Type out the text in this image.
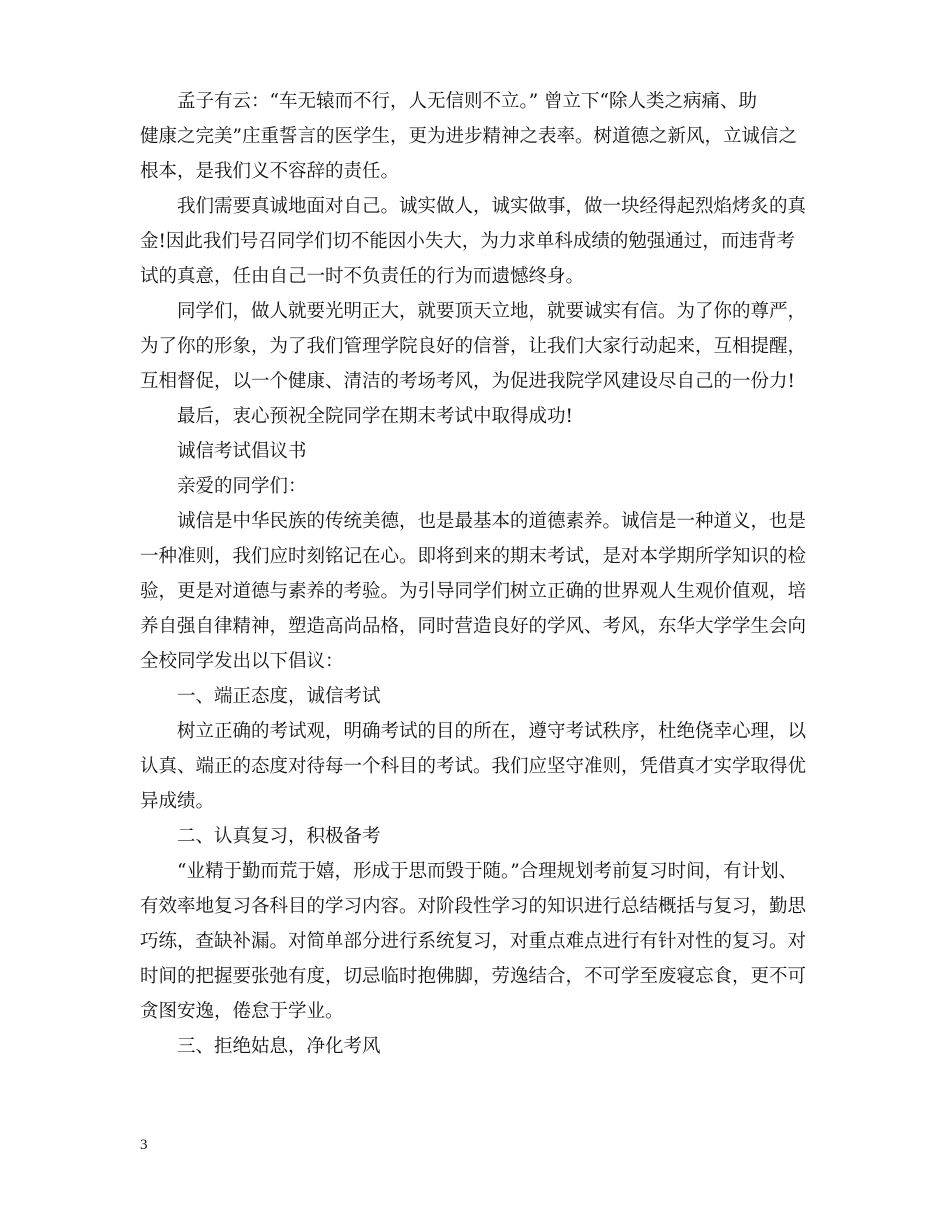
　　孟子有云：“车无辕而不行，人无信则不立。” 曾立下“除人类之病痛、助
健康之完美”庄重誓言的医学生，更为进步精神之表率。树道德之新风，立诚信之
根本，是我们义不容辞的责任。
　　我们需要真诚地面对自己。诚实做人，诚实做事，做一块经得起烈焰烤炙的真
金!因此我们号召同学们切不能因小失大，为力求单科成绩的勉强通过，而违背考
试的真意，任由自己一时不负责任的行为而遗憾终身。
　　同学们，做人就要光明正大，就要顶天立地，就要诚实有信。为了你的尊严，
为了你的形象，为了我们管理学院良好的信誉，让我们大家行动起来，互相提醒，
互相督促，以一个健康、清洁的考场考风，为促进我院学风建设尽自己的一份力!
　　最后，衷心预祝全院同学在期末考试中取得成功!
　　诚信考试倡议书
　　亲爱的同学们：
　　诚信是中华民族的传统美德，也是最基本的道德素养。诚信是一种道义，也是
一种准则，我们应时刻铭记在心。即将到来的期末考试，是对本学期所学知识的检
验，更是对道德与素养的考验。为引导同学们树立正确的世界观人生观价值观，培
养自强自律精神，塑造高尚品格，同时营造良好的学风、考风，东华大学学生会向
全校同学发出以下倡议：
　　一、端正态度，诚信考试
　　树立正确的考试观，明确考试的目的所在，遵守考试秩序，杜绝侥幸心理，以
认真、端正的态度对待每一个科目的考试。我们应坚守准则，凭借真才实学取得优
异成绩。
　　二、认真复习，积极备考
　　“业精于勤而荒于嬉，形成于思而毁于随。”合理规划考前复习时间，有计划、
有效率地复习各科目的学习内容。对阶段性学习的知识进行总结概括与复习，勤思
巧练，查缺补漏。对简单部分进行系统复习，对重点难点进行有针对性的复习。对
时间的把握要张弛有度，切忌临时抱佛脚，劳逸结合，不可学至废寝忘食，更不可
贪图安逸，倦怠于学业。
　　三、拒绝姑息，净化考风
3
